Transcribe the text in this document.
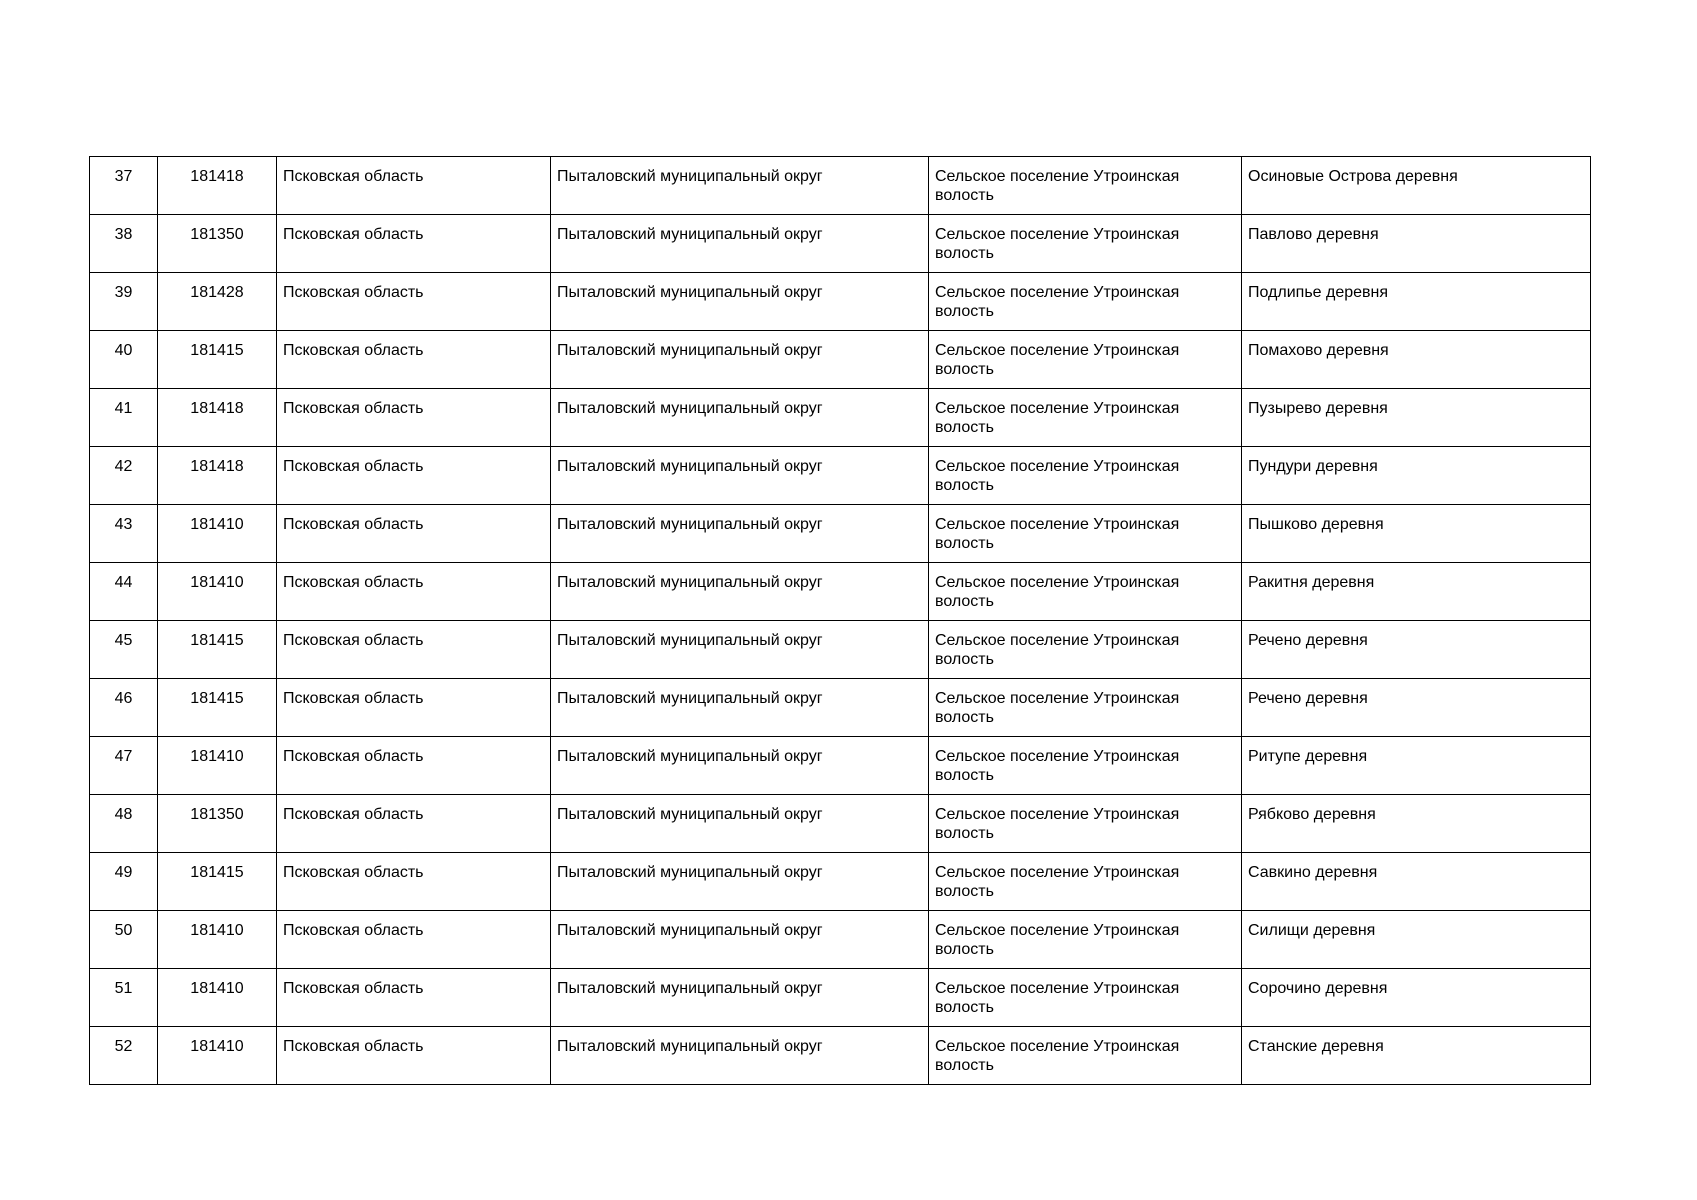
37	181418	Псковская область	Пыталовский муниципальный округ	Сельское поселение Утроинская волость	Осиновые Острова деревня
38	181350	Псковская область	Пыталовский муниципальный округ	Сельское поселение Утроинская волость	Павлово деревня
39	181428	Псковская область	Пыталовский муниципальный округ	Сельское поселение Утроинская волость	Подлипье деревня
40	181415	Псковская область	Пыталовский муниципальный округ	Сельское поселение Утроинская волость	Помахово деревня
41	181418	Псковская область	Пыталовский муниципальный округ	Сельское поселение Утроинская волость	Пузырево деревня
42	181418	Псковская область	Пыталовский муниципальный округ	Сельское поселение Утроинская волость	Пундури деревня
43	181410	Псковская область	Пыталовский муниципальный округ	Сельское поселение Утроинская волость	Пышково деревня
44	181410	Псковская область	Пыталовский муниципальный округ	Сельское поселение Утроинская волость	Ракитня деревня
45	181415	Псковская область	Пыталовский муниципальный округ	Сельское поселение Утроинская волость	Речено деревня
46	181415	Псковская область	Пыталовский муниципальный округ	Сельское поселение Утроинская волость	Речено деревня
47	181410	Псковская область	Пыталовский муниципальный округ	Сельское поселение Утроинская волость	Ритупе деревня
48	181350	Псковская область	Пыталовский муниципальный округ	Сельское поселение Утроинская волость	Рябково деревня
49	181415	Псковская область	Пыталовский муниципальный округ	Сельское поселение Утроинская волость	Савкино деревня
50	181410	Псковская область	Пыталовский муниципальный округ	Сельское поселение Утроинская волость	Силищи деревня
51	181410	Псковская область	Пыталовский муниципальный округ	Сельское поселение Утроинская волость	Сорочино деревня
52	181410	Псковская область	Пыталовский муниципальный округ	Сельское поселение Утроинская волость	Станские деревня
